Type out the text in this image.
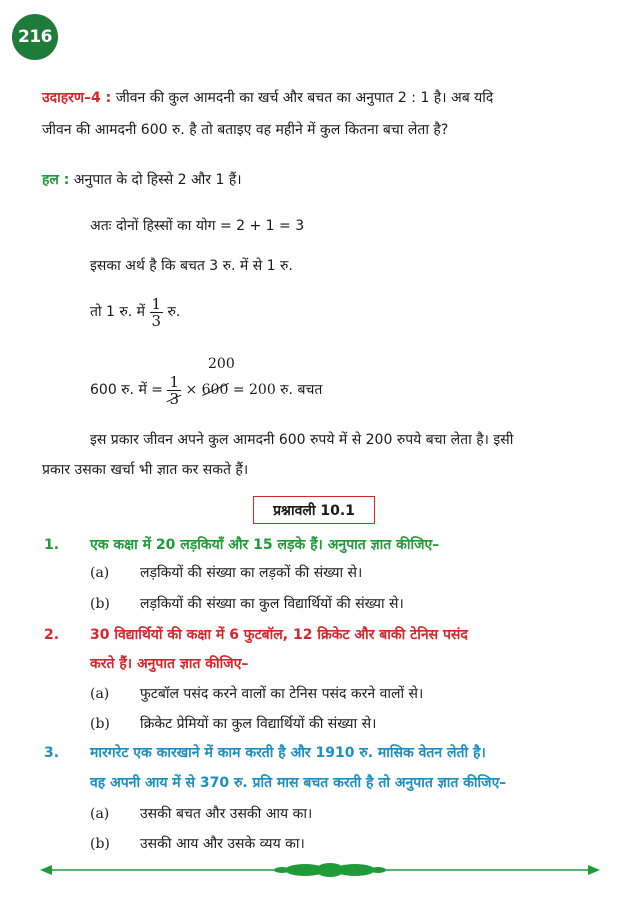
216
उदाहरण–4 : जीवन की कुल आमदनी का खर्च और बचत का अनुपात 2 : 1 है। अब यदि
जीवन की आमदनी 600 रु. है तो बताइए वह महीने में कुल कितना बचा लेता है?
हल : अनुपात के दो हिस्से 2 और 1 हैं।
अतः दोनों हिस्सों का योग = 2 + 1 = 3
इसका अर्थ है कि बचत 3 रु. में से 1 रु.
तो 1 रु. में $\frac{1}{3}$ रु.
200
600 रु. में = $\frac{1}{3} \times 600 = 200$ रु. बचत
इस प्रकार जीवन अपने कुल आमदनी 600 रुपये में से 200 रुपये बचा लेता है। इसी
प्रकार उसका खर्चा भी ज्ञात कर सकते हैं।
प्रश्नावली 10.1
1. एक कक्षा में 20 लड़कियाँ और 15 लड़के हैं। अनुपात ज्ञात कीजिए–
(a) लड़कियों की संख्या का लड़कों की संख्या से।
(b) लड़कियों की संख्या का कुल विद्यार्थियों की संख्या से।
2. 30 विद्यार्थियों की कक्षा में 6 फुटबॉल, 12 क्रिकेट और बाकी टेनिस पसंद
करते हैं। अनुपात ज्ञात कीजिए–
(a) फुटबॉल पसंद करने वालों का टेनिस पसंद करने वालों से।
(b) क्रिकेट प्रेमियों का कुल विद्यार्थियों की संख्या से।
3. मारगरेट एक कारखाने में काम करती है और 1910 रु. मासिक वेतन लेती है।
वह अपनी आय में से 370 रु. प्रति मास बचत करती है तो अनुपात ज्ञात कीजिए–
(a) उसकी बचत और उसकी आय का।
(b) उसकी आय और उसके व्यय का।
